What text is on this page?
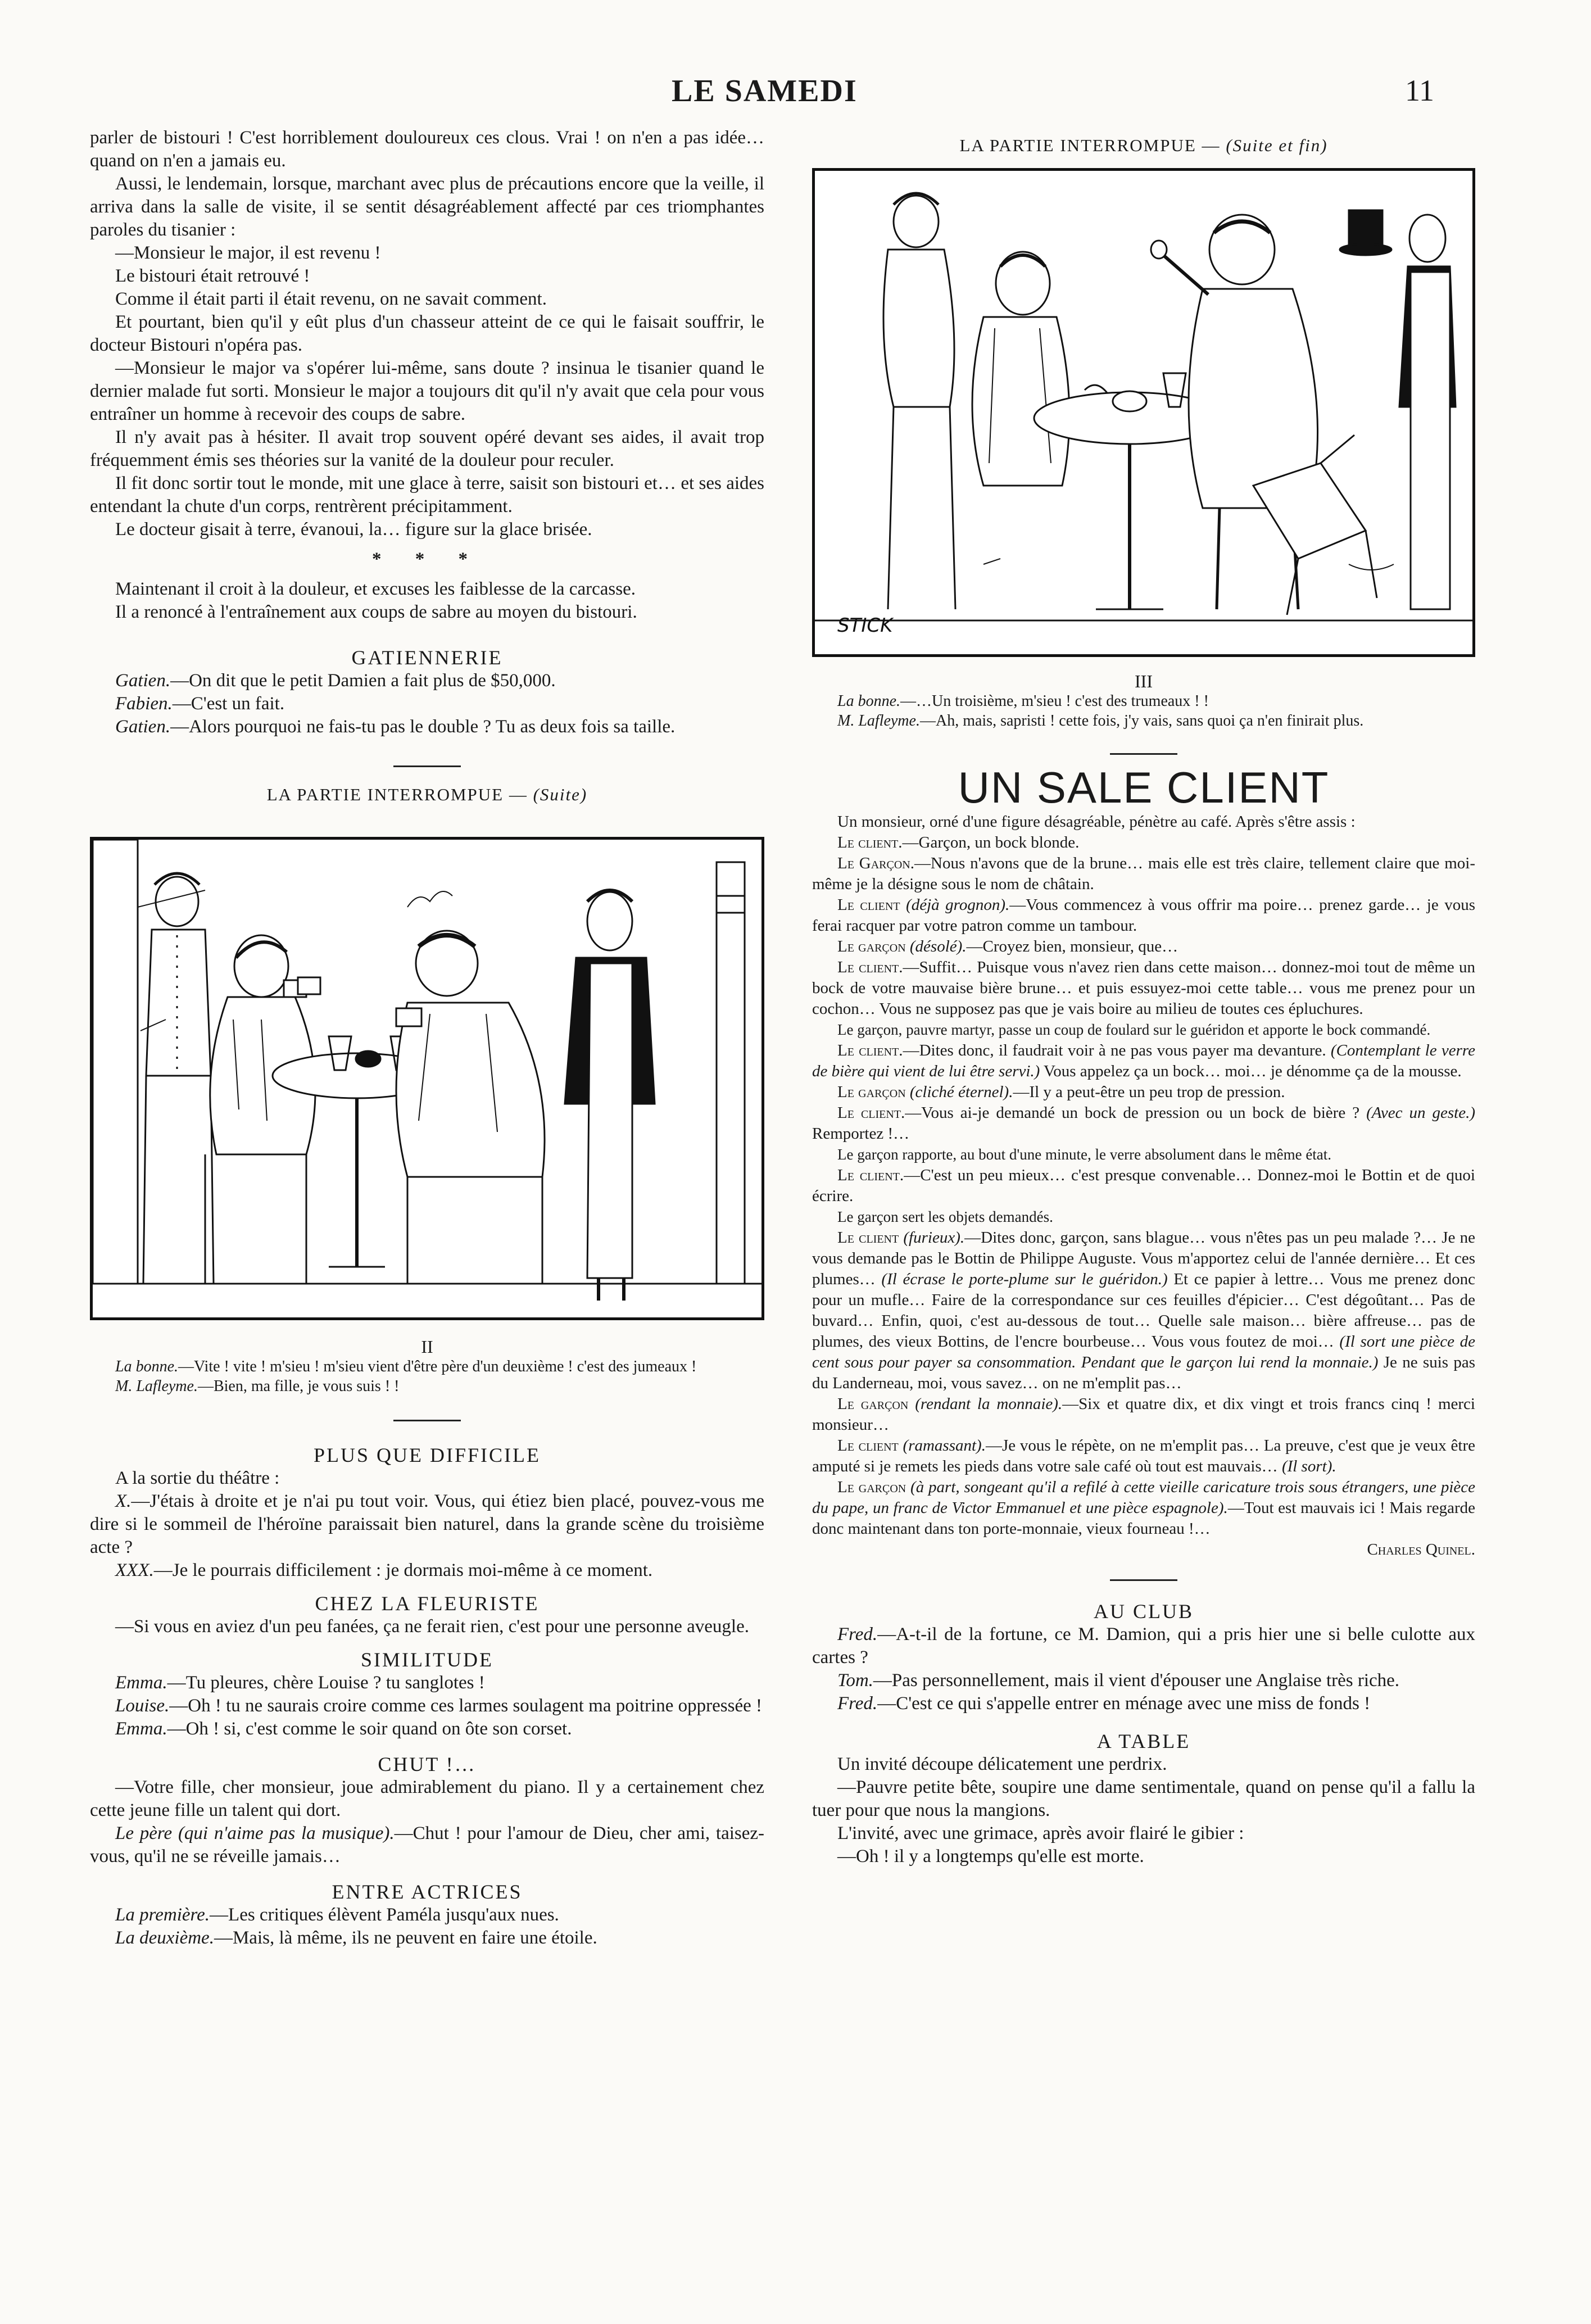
LE SAMEDI	11

parler de bistouri ! C'est horriblement douloureux ces clous. Vrai ! on n'en a pas idée… quand on n'en a jamais eu.

Aussi, le lendemain, lorsque, marchant avec plus de précautions encore que la veille, il arriva dans la salle de visite, il se sentit désagréablement affecté par ces triomphantes paroles du tisanier :

—Monsieur le major, il est revenu !

Le bistouri était retrouvé !

Comme il était parti il était revenu, on ne savait comment.

Et pourtant, bien qu'il y eût plus d'un chasseur atteint de ce qui le faisait souffrir, le docteur Bistouri n'opéra pas.

—Monsieur le major va s'opérer lui-même, sans doute ? insinua le tisanier quand le dernier malade fut sorti. Monsieur le major a toujours dit qu'il n'y avait que cela pour vous entraîner un homme à recevoir des coups de sabre.

Il n'y avait pas à hésiter. Il avait trop souvent opéré devant ses aides, il avait trop fréquemment émis ses théories sur la vanité de la douleur pour reculer.

Il fit donc sortir tout le monde, mit une glace à terre, saisit son bistouri et… et ses aides entendant la chute d'un corps, rentrèrent précipitamment.

Le docteur gisait à terre, évanoui, la… figure sur la glace brisée.

* * *

Maintenant il croit à la douleur, et excuses les faiblesse de la carcasse.

Il a renoncé à l'entraînement aux coups de sabre au moyen du bistouri.

GATIENNERIE

Gatien.—On dit que le petit Damien a fait plus de $50,000.

Fabien.—C'est un fait.

Gatien.—Alors pourquoi ne fais-tu pas le double ? Tu as deux fois sa taille.

LA PARTIE INTERROMPUE — (Suite)

II

La bonne.—Vite ! vite ! m'sieu ! m'sieu vient d'être père d'un deuxième ! c'est des jumeaux !

M. Lafleyme.—Bien, ma fille, je vous suis ! !

PLUS QUE DIFFICILE

A la sortie du théâtre :

X.—J'étais à droite et je n'ai pu tout voir. Vous, qui étiez bien placé, pouvez-vous me dire si le sommeil de l'héroïne paraissait bien naturel, dans la grande scène du troisième acte ?

XXX.—Je le pourrais difficilement : je dormais moi-même à ce moment.

CHEZ LA FLEURISTE

—Si vous en aviez d'un peu fanées, ça ne ferait rien, c'est pour une personne aveugle.

SIMILITUDE

Emma.—Tu pleures, chère Louise ? tu sanglotes !

Louise.—Oh ! tu ne saurais croire comme ces larmes soulagent ma poitrine oppressée !

Emma.—Oh ! si, c'est comme le soir quand on ôte son corset.

CHUT !…

—Votre fille, cher monsieur, joue admirablement du piano. Il y a certainement chez cette jeune fille un talent qui dort.

Le père (qui n'aime pas la musique).—Chut ! pour l'amour de Dieu, cher ami, taisez-vous, qu'il ne se réveille jamais…

ENTRE ACTRICES

La première.—Les critiques élèvent Paméla jusqu'aux nues.

La deuxième.—Mais, là même, ils ne peuvent en faire une étoile.

LA PARTIE INTERROMPUE — (Suite et fin)

STICK

III

La bonne.—…Un troisième, m'sieu ! c'est des trumeaux ! !

M. Lafleyme.—Ah, mais, sapristi ! cette fois, j'y vais, sans quoi ça n'en finirait plus.

UN SALE CLIENT

Un monsieur, orné d'une figure désagréable, pénètre au café. Après s'être assis :

Le client.—Garçon, un bock blonde.

Le Garçon.—Nous n'avons que de la brune… mais elle est très claire, tellement claire que moi-même je la désigne sous le nom de châtain.

Le client (déjà grognon).—Vous commencez à vous offrir ma poire… prenez garde… je vous ferai racquer par votre patron comme un tambour.

Le garçon (désolé).—Croyez bien, monsieur, que…

Le client.—Suffit… Puisque vous n'avez rien dans cette maison… donnez-moi tout de même un bock de votre mauvaise bière brune… et puis essuyez-moi cette table… vous me prenez pour un cochon… Vous ne supposez pas que je vais boire au milieu de toutes ces épluchures.

Le garçon, pauvre martyr, passe un coup de foulard sur le guéridon et apporte le bock commandé.

Le client.—Dites donc, il faudrait voir à ne pas vous payer ma devanture. (Contemplant le verre de bière qui vient de lui être servi.) Vous appelez ça un bock… moi… je dénomme ça de la mousse.

Le garçon (cliché éternel).—Il y a peut-être un peu trop de pression.

Le client.—Vous ai-je demandé un bock de pression ou un bock de bière ? (Avec un geste.) Remportez !…

Le garçon rapporte, au bout d'une minute, le verre absolument dans le même état.

Le client.—C'est un peu mieux… c'est presque convenable… Donnez-moi le Bottin et de quoi écrire.

Le garçon sert les objets demandés.

Le client (furieux).—Dites donc, garçon, sans blague… vous n'êtes pas un peu malade ?… Je ne vous demande pas le Bottin de Philippe Auguste. Vous m'apportez celui de l'année dernière… Et ces plumes… (Il écrase le porte-plume sur le guéridon.) Et ce papier à lettre… Vous me prenez donc pour un mufle… Faire de la correspondance sur ces feuilles d'épicier… C'est dégoûtant… Pas de buvard… Enfin, quoi, c'est au-dessous de tout… Quelle sale maison… bière affreuse… pas de plumes, des vieux Bottins, de l'encre bourbeuse… Vous vous foutez de moi… (Il sort une pièce de cent sous pour payer sa consommation. Pendant que le garçon lui rend la monnaie.) Je ne suis pas du Landerneau, moi, vous savez… on ne m'emplit pas…

Le garçon (rendant la monnaie).—Six et quatre dix, et dix vingt et trois francs cinq ! merci monsieur…

Le client (ramassant).—Je vous le répète, on ne m'emplit pas… La preuve, c'est que je veux être amputé si je remets les pieds dans votre sale café où tout est mauvais… (Il sort).

Le garçon (à part, songeant qu'il a refilé à cette vieille caricature trois sous étrangers, une pièce du pape, un franc de Victor Emmanuel et une pièce espagnole).—Tout est mauvais ici ! Mais regarde donc maintenant dans ton porte-monnaie, vieux fourneau !…

Charles Quinel.

AU CLUB

Fred.—A-t-il de la fortune, ce M. Damion, qui a pris hier une si belle culotte aux cartes ?

Tom.—Pas personnellement, mais il vient d'épouser une Anglaise très riche.

Fred.—C'est ce qui s'appelle entrer en ménage avec une miss de fonds !

A TABLE

Un invité découpe délicatement une perdrix.

—Pauvre petite bête, soupire une dame sentimentale, quand on pense qu'il a fallu la tuer pour que nous la mangions.

L'invité, avec une grimace, après avoir flairé le gibier :

—Oh ! il y a longtemps qu'elle est morte.
